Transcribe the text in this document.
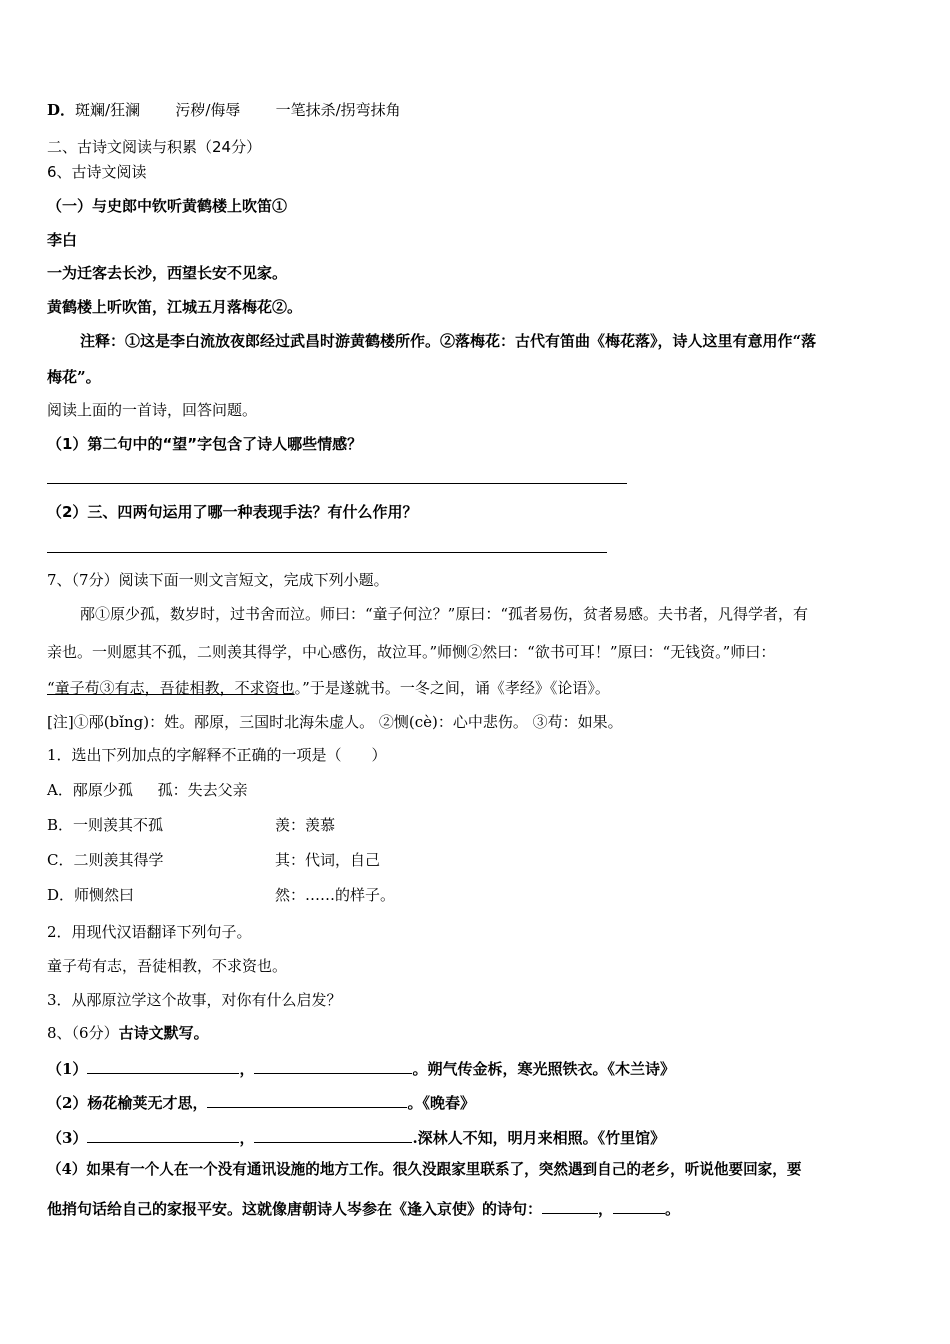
D．斑斓/狂澜 污秽/侮辱 一笔抹杀/拐弯抹角
二、古诗文阅读与积累（24分）
6、古诗文阅读
（一）与史郎中钦听黄鹤楼上吹笛①
李白
一为迁客去长沙，西望长安不见家。
黄鹤楼上听吹笛，江城五月落梅花②。
注释：①这是李白流放夜郎经过武昌时游黄鹤楼所作。②落梅花：古代有笛曲《梅花落》，诗人这里有意用作“落
梅花”。
阅读上面的一首诗，回答问题。
（1）第二句中的“望”字包含了诗人哪些情感？
（2）三、四两句运用了哪一种表现手法？有什么作用？
7、（7分）阅读下面一则文言短文，完成下列小题。
邴①原少孤，数岁时，过书舍而泣。师曰：“童子何泣？”原曰：“孤者易伤，贫者易感。夫书者，凡得学者，有
亲也。一则愿其不孤，二则羡其得学，中心感伤，故泣耳。”师恻②然曰：“欲书可耳！”原曰：“无钱资。”师曰：
“童子苟③有志，吾徒相教，不求资也。”于是遂就书。一冬之间，诵《孝经》《论语》。
[注]①邴(bǐng)：姓。邴原，三国时北海朱虚人。 ②恻(cè)：心中悲伤。 ③苟：如果。
1．选出下列加点的字解释不正确的一项是（　　）
A．邴原少孤 孤：失去父亲
B．一则羡其不孤	羡：羡慕
C．二则羡其得学	其：代词，自己
D．师恻然曰	然：……的样子。
2．用现代汉语翻译下列句子。
童子苟有志，吾徒相教，不求资也。
3．从邴原泣学这个故事，对你有什么启发？
8、（6分）古诗文默写。
（1）	，	。朔气传金柝，寒光照铁衣。《木兰诗》
（2）杨花榆荚无才思，	。《晚春》
（3）	，	.深林人不知，明月来相照。《竹里馆》
（4）如果有一个人在一个没有通讯设施的地方工作。很久没跟家里联系了，突然遇到自己的老乡，听说他要回家，要
他捎句话给自己的家报平安。这就像唐朝诗人岑参在《逢入京使》的诗句：	，	。
